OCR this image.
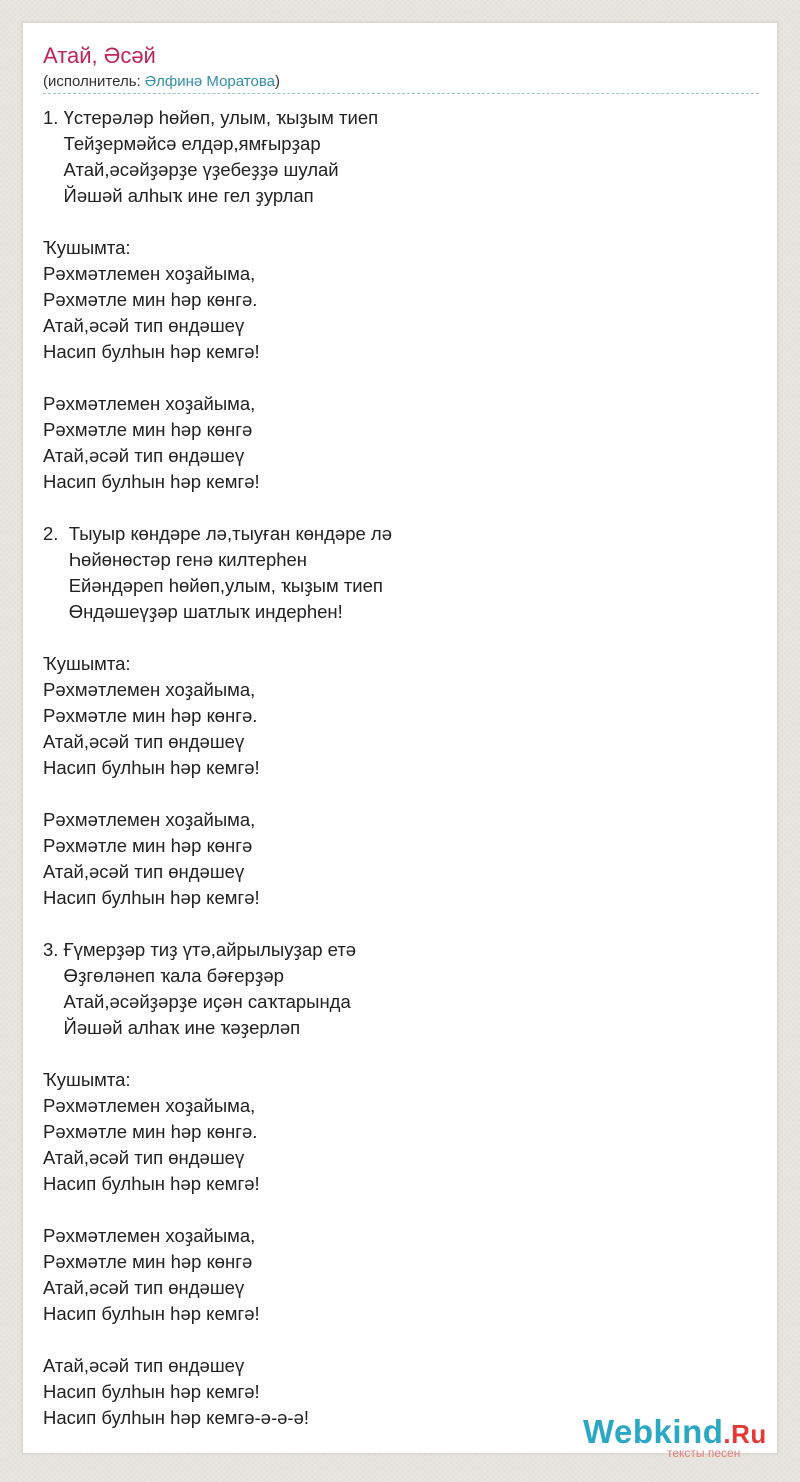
Атай, Әсәй
(исполнитель: Әлфинә Моратова)
1. Үстерәләр һөйөп, улым, ҡыҙым тиеп
Тейҙермәйсә елдәр,ямғырҙар
Атай,әсәйҙәрҙе үҙебеҙҙә шулай
Йәшәй алһыҡ ине гел ҙурлап
Ҡушымта:
Рәхмәтлемен хоҙайыма,
Рәхмәтле мин һәр көнгә.
Атай,әсәй тип өндәшеү
Насип булһын һәр кемгә!
Рәхмәтлемен хоҙайыма,
Рәхмәтле мин һәр көнгә
Атай,әсәй тип өндәшеү
Насип булһын һәр кемгә!
2.  Тыуыр көндәре лә,тыуған көндәре лә
Һөйөнөстәр генә килтерһен
Ейәндәреп һөйөп,улым, ҡыҙым тиеп
Өндәшеүҙәр шатлыҡ индерһен!
Ҡушымта:
Рәхмәтлемен хоҙайыма,
Рәхмәтле мин һәр көнгә.
Атай,әсәй тип өндәшеү
Насип булһын һәр кемгә!
Рәхмәтлемен хоҙайыма,
Рәхмәтле мин һәр көнгә
Атай,әсәй тип өндәшеү
Насип булһын һәр кемгә!
3. Ғүмерҙәр тиҙ үтә,айрылыуҙар етә
Өҙгөләнеп ҡала бәғерҙәр
Атай,әсәйҙәрҙе иҫән саҡтарында
Йәшәй алһаҡ ине ҡәҙерләп
Ҡушымта:
Рәхмәтлемен хоҙайыма,
Рәхмәтле мин һәр көнгә.
Атай,әсәй тип өндәшеү
Насип булһын һәр кемгә!
Рәхмәтлемен хоҙайыма,
Рәхмәтле мин һәр көнгә
Атай,әсәй тип өндәшеү
Насип булһын һәр кемгә!
Атай,әсәй тип өндәшеү
Насип булһын һәр кемгә!
Насип булһын һәр кемгә-ә-ә-ә!	Webkind.Ru
тексты песен
